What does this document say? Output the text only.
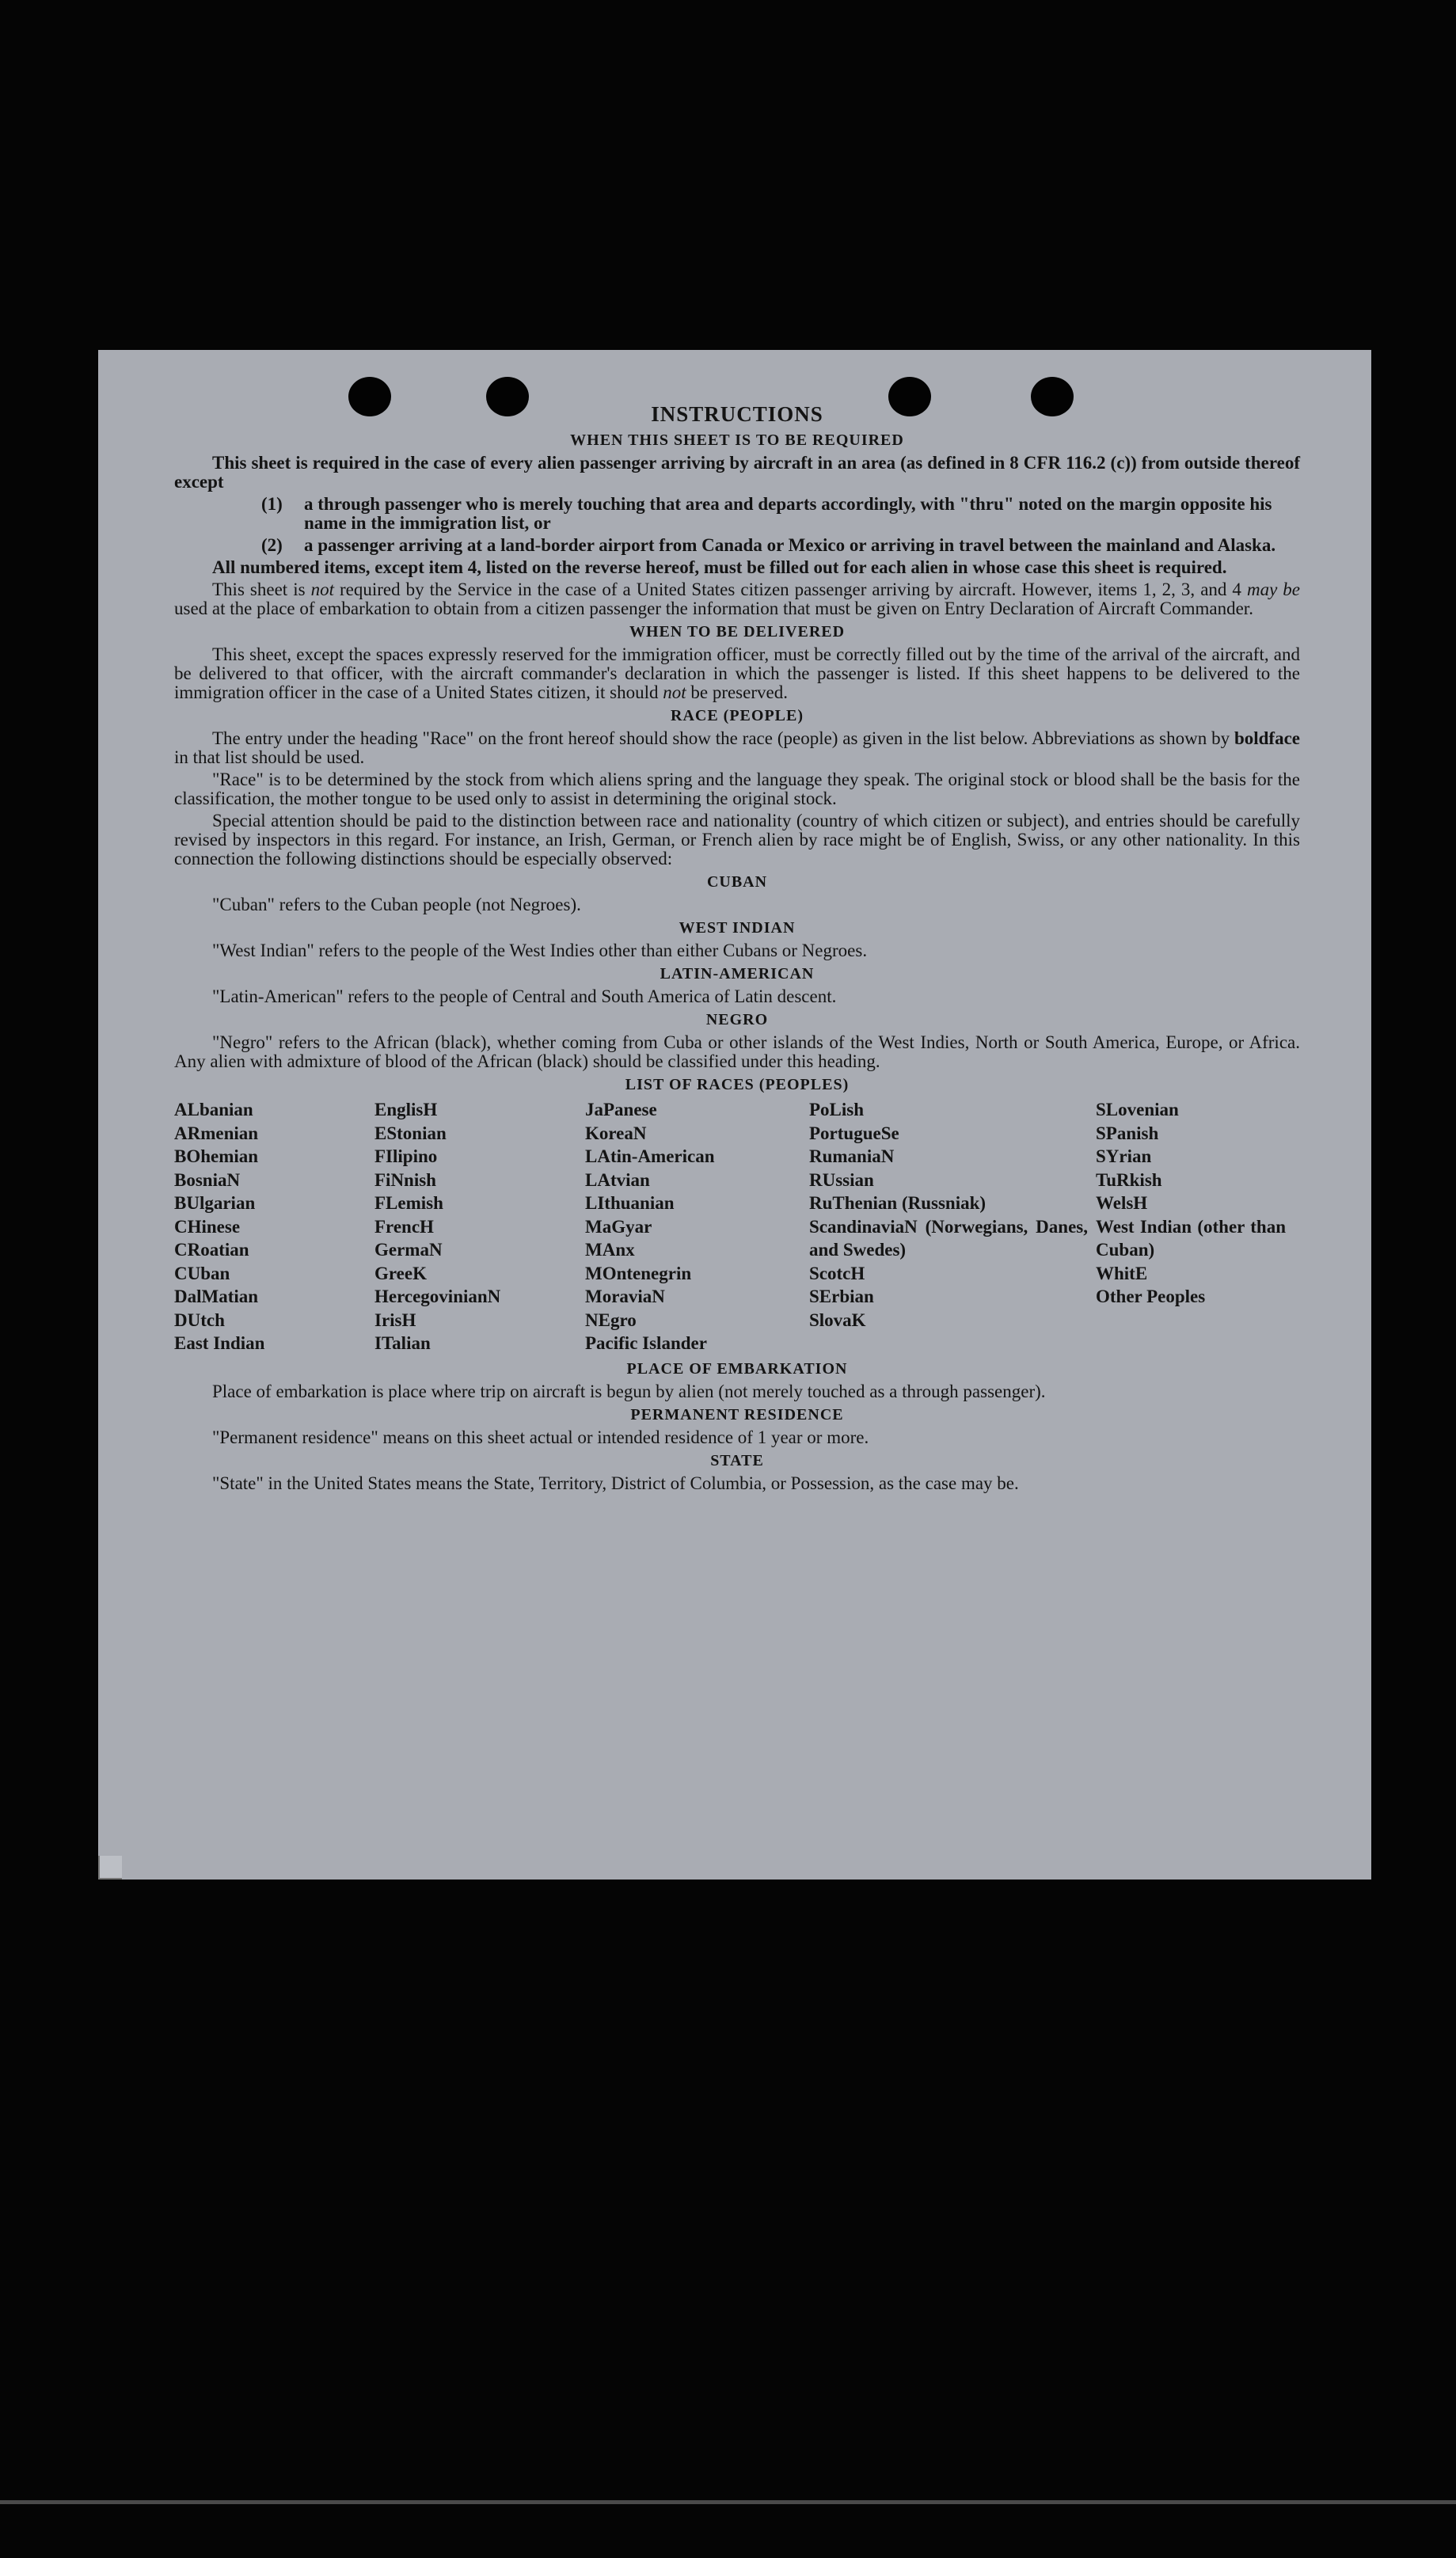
INSTRUCTIONS
WHEN THIS SHEET IS TO BE REQUIRED

This sheet is required in the case of every alien passenger arriving by aircraft in an area (as defined in 8 CFR 116.2 (c)) from outside thereof except

(1)	a through passenger who is merely touching that area and departs accordingly, with "thru" noted on the margin opposite his name in the immigration list, or
(2)	a passenger arriving at a land-border airport from Canada or Mexico or arriving in travel between the mainland and Alaska.

All numbered items, except item 4, listed on the reverse hereof, must be filled out for each alien in whose case this sheet is required.

This sheet is not required by the Service in the case of a United States citizen passenger arriving by aircraft. However, items 1, 2, 3, and 4 may be used at the place of embarkation to obtain from a citizen passenger the information that must be given on Entry Declaration of Aircraft Commander.

WHEN TO BE DELIVERED

This sheet, except the spaces expressly reserved for the immigration officer, must be correctly filled out by the time of the arrival of the aircraft, and be delivered to that officer, with the aircraft commander's declaration in which the passenger is listed. If this sheet happens to be delivered to the immigration officer in the case of a United States citizen, it should not be preserved.

RACE (PEOPLE)

The entry under the heading "Race" on the front hereof should show the race (people) as given in the list below. Abbreviations as shown by boldface in that list should be used.

"Race" is to be determined by the stock from which aliens spring and the language they speak. The original stock or blood shall be the basis for the classification, the mother tongue to be used only to assist in determining the original stock.

Special attention should be paid to the distinction between race and nationality (country of which citizen or subject), and entries should be carefully revised by inspectors in this regard. For instance, an Irish, German, or French alien by race might be of English, Swiss, or any other nationality. In this connection the following distinctions should be especially observed:

CUBAN

"Cuban" refers to the Cuban people (not Negroes).

WEST INDIAN

"West Indian" refers to the people of the West Indies other than either Cubans or Negroes.

LATIN-AMERICAN

"Latin-American" refers to the people of Central and South America of Latin descent.

NEGRO

"Negro" refers to the African (black), whether coming from Cuba or other islands of the West Indies, North or South America, Europe, or Africa. Any alien with admixture of blood of the African (black) should be classified under this heading.

LIST OF RACES (PEOPLES)
ALbanian
ARmenian
BOhemian
BosniaN
BUlgarian
CHinese
CRoatian
CUban
DalMatian
DUtch
East Indian
EnglisH
EStonian
FIlipino
FiNnish
FLemish
FrencH
GermaN
GreeK
HercegovinianN
IrisH
ITalian
JaPanese
KoreaN
LAtin-American
LAtvian
LIthuanian
MaGyar
MAnx
MOntenegrin
MoraviaN
NEgro
Pacific Islander
PoLish
PortugueSe
RumaniaN
RUssian
RuThenian (Russniak)
ScandinaviaN (Norwegians, Danes, and Swedes)
ScotcH
SErbian
SlovaK
SLovenian
SPanish
SYrian
TuRkish
WelsH
West Indian (other than Cuban)
WhitE
Other Peoples
PLACE OF EMBARKATION

Place of embarkation is place where trip on aircraft is begun by alien (not merely touched as a through passenger).

PERMANENT RESIDENCE

"Permanent residence" means on this sheet actual or intended residence of 1 year or more.

STATE

"State" in the United States means the State, Territory, District of Columbia, or Possession, as the case may be.
